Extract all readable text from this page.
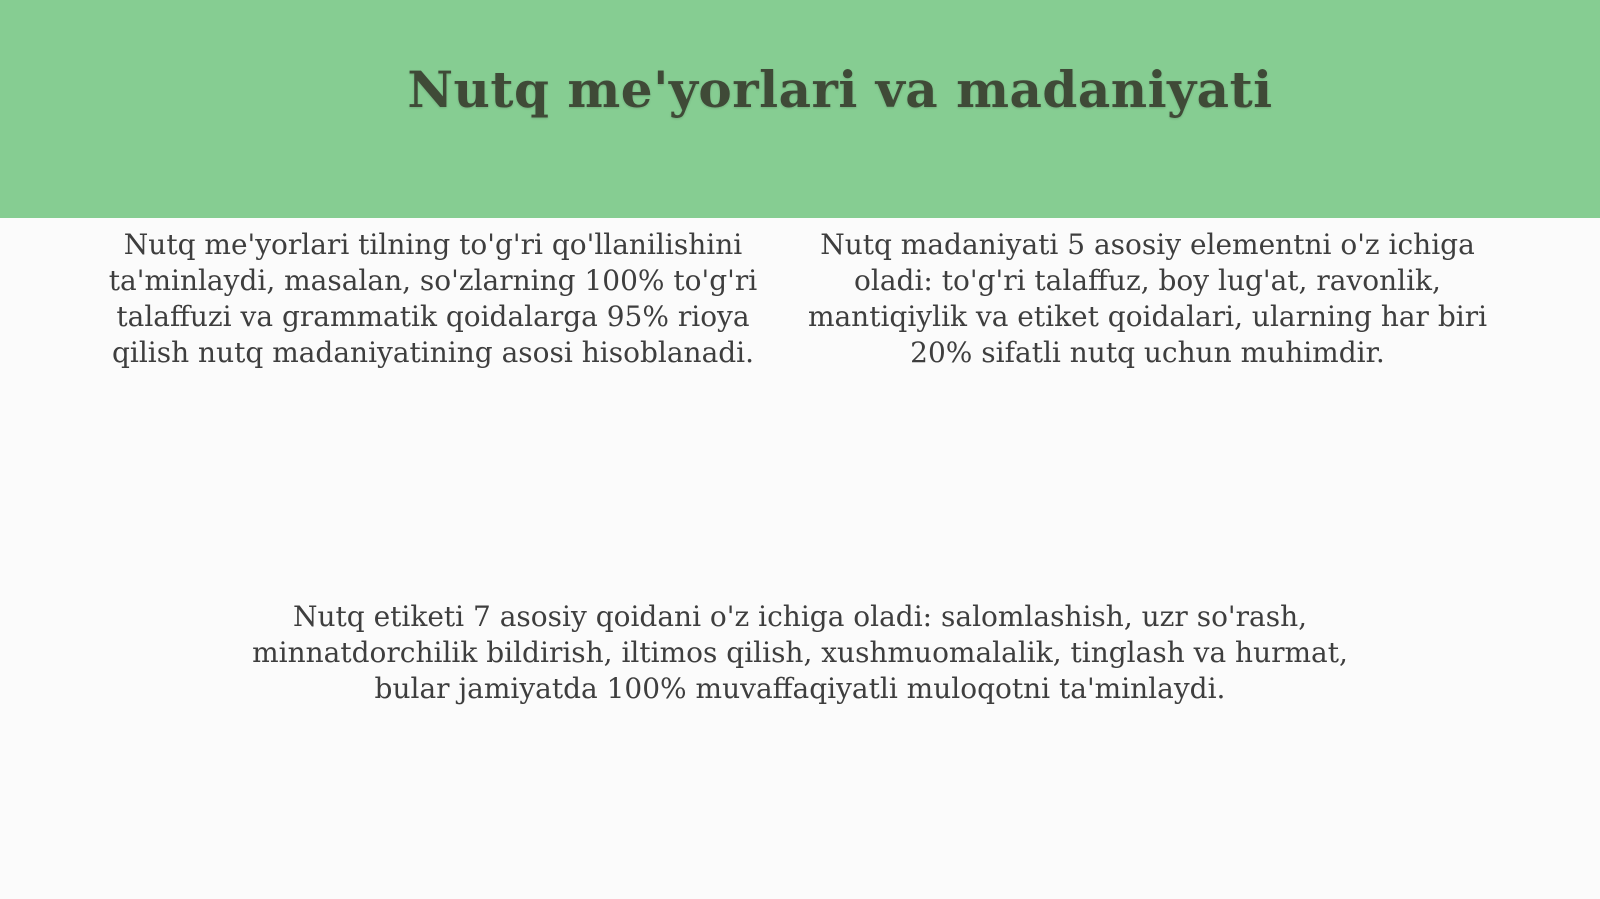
Nutq me'yorlari va madaniyati

Nutq me'yorlari tilning to'g'ri qo'llanilishini ta'minlaydi, masalan, so'zlarning 100% to'g'ri talaffuzi va grammatik qoidalarga 95% rioya qilish nutq madaniyatining asosi hisoblanadi.

Nutq madaniyati 5 asosiy elementni o'z ichiga oladi: to'g'ri talaffuz, boy lug'at, ravonlik, mantiqiylik va etiket qoidalari, ularning har biri 20% sifatli nutq uchun muhimdir.

Nutq etiketi 7 asosiy qoidani o'z ichiga oladi: salomlashish, uzr so'rash, minnatdorchilik bildirish, iltimos qilish, xushmuomalalik, tinglash va hurmat, bular jamiyatda 100% muvaffaqiyatli muloqotni ta'minlaydi.
